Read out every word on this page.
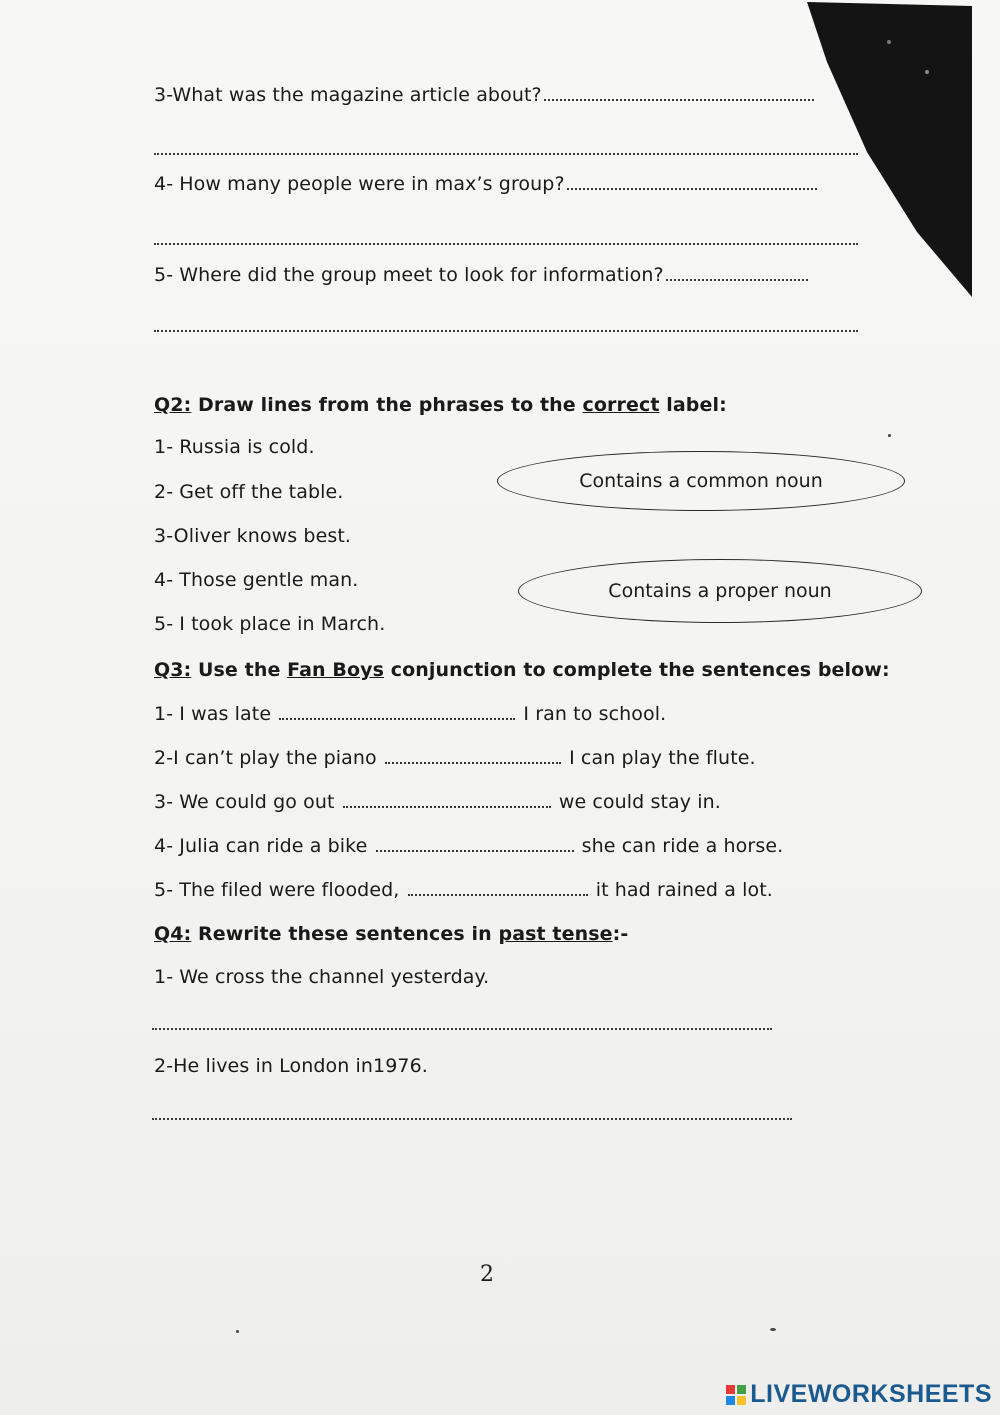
3-What was the magazine article about?
4- How many people were in max’s group?
5- Where did the group meet to look for information?
Q2: Draw lines from the phrases to the correct label:
1- Russia is cold.
2- Get off the table.
3-Oliver knows best.
4- Those gentle man.
5- I took place in March.
Contains a common noun
Contains a proper noun
Q3: Use the Fan Boys conjunction to complete the sentences below:
1- I was late	I ran to school.
2-I can’t play the piano	I can play the flute.
3- We could go out	we could stay in.
4- Julia can ride a bike	she can ride a horse.
5- The filed were flooded,	it had rained a lot.
Q4: Rewrite these sentences in past tense:-
1- We cross the channel yesterday.
2-He lives in London in1976.
2
LIVEWORKSHEETS
